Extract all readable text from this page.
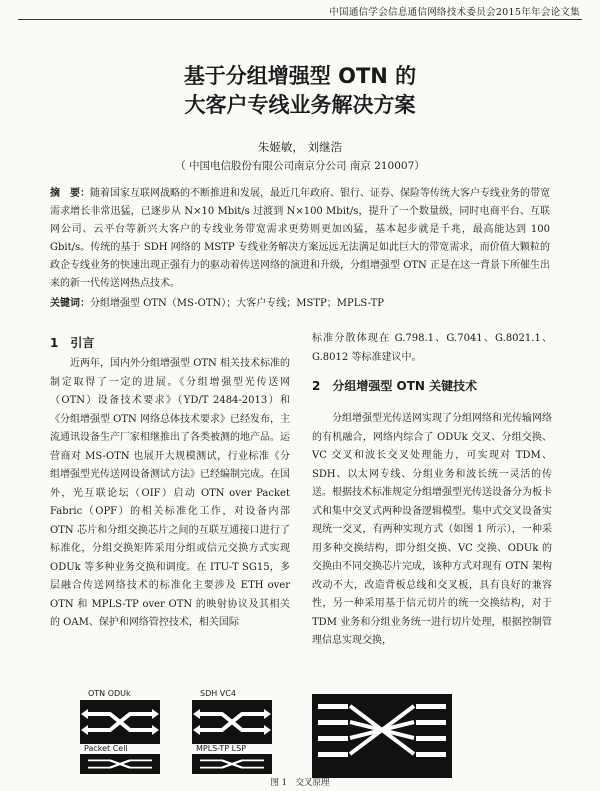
中国通信学会信息通信网络技术委员会2015年年会论文集
基于分组增强型 OTN 的
大客户专线业务解决方案
朱姬敏， 刘继浩
（ 中国电信股份有限公司南京分公司 南京 210007）
摘　要：随着国家互联网战略的不断推进和发展，最近几年政府、银行、证券、保险等传统大客户专线业务的带宽需求增长非常迅猛，已逐步从 N×10 Mbit/s 过渡到 N×100 Mbit/s，提升了一个数量级，同时电商平台、互联网公司、云平台等新兴大客户的专线业务带宽需求更势则更加凶猛，基本起步就是千兆，最高能达到 100 Gbit/s。传统的基于 SDH 网络的 MSTP 专线业务解决方案远远无法满足如此巨大的带宽需求，而价值大颗粒的政企专线业务的快速出现正强有力的驱动着传送网络的演进和升级，分组增强型 OTN 正是在这一背景下所催生出来的新一代传送网热点技术。
关键词：分组增强型 OTN（MS-OTN）；大客户专线；MSTP；MPLS-TP
1　引言

近两年，国内外分组增强型 OTN 相关技术标准的制定取得了一定的进展。《分组增强型光传送网（OTN）设备技术要求》（YD/T 2484-2013）和《分组增强型 OTN 网络总体技术要求》已经发布，主流通讯设备生产厂家相继推出了各类被测的地产品。运营商对 MS-OTN 也展开大规模测试，行业标准《分组增强型光传送网设备测试方法》已经编制完成。在国外，光互联论坛（OIF）启动 OTN over Packet Fabric（OPF）的相关标准化工作，对设备内部 OTN 芯片和分组交换芯片之间的互联互通接口进行了标准化，分组交换矩阵采用分组或信元交换方式实现 ODUk 等多种业务交换和调度。在 ITU-T SG15，多层融合传送网络技术的标准化主要涉及 ETH over OTN 和 MPLS-TP over OTN 的映射协议及其相关的 OAM、保护和网络管控技术，相关国际

标准分散体现在 G.798.1、G.7041、G.8021.1、G.8012 等标准建议中。

2　分组增强型 OTN 关键技术

分组增强型光传送网实现了分组网络和光传输网络的有机融合，网络内综合了 ODUk 交叉、分组交换、VC 交叉和波长交叉处理能力，可实现对 TDM、SDH、以太网专线、分组业务和波长统一灵活的传送。根据技术标准规定分组增强型光传送设备分为板卡式和集中交叉式两种设备逻辑模型。集中式交叉设备实现统一交叉，有两种实现方式（如图 1 所示），一种采用多种交换结构，即分组交换、VC 交换、ODUk 的交换由不同交换芯片完成，该种方式对现有 OTN 架构改动不大，改造背板总线和交叉板，具有良好的兼容性，另一种采用基于信元切片的统一交换结构，对于 TDM 业务和分组业务统一进行切片处理，根据控制管理信息实现交换，

OTN ODUk	SDH VC4
Packet Cell	MPLS-TP LSP
图 1　交叉原理
